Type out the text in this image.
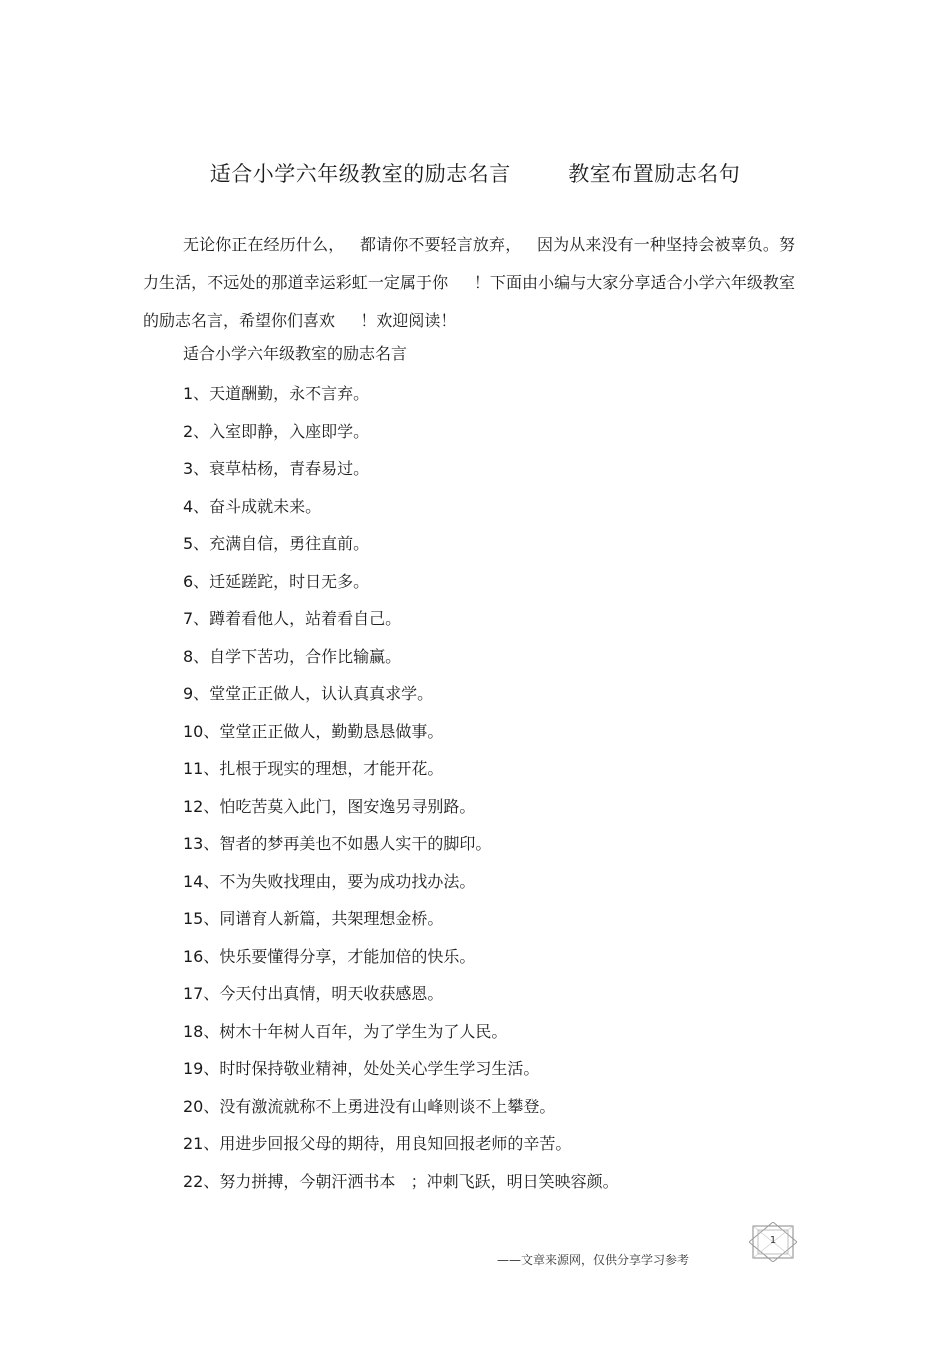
适合小学六年级教室的励志名言        教室布置励志名句

无论你正在经历什么，   都请你不要轻言放弃，   因为从来没有一种坚持会被辜负。努力生活，不远处的那道幸运彩虹一定属于你     ！下面由小编与大家分享适合小学六年级教室的励志名言，希望你们喜欢     ！欢迎阅读！

适合小学六年级教室的励志名言
1、天道酬勤，永不言弃。
2、入室即静，入座即学。
3、衰草枯杨，青春易过。
4、奋斗成就未来。
5、充满自信，勇往直前。
6、迁延蹉跎，时日无多。
7、蹲着看他人，站着看自己。
8、自学下苦功，合作比输赢。
9、堂堂正正做人，认认真真求学。
10、堂堂正正做人，勤勤恳恳做事。
11、扎根于现实的理想，才能开花。
12、怕吃苦莫入此门，图安逸另寻别路。
13、智者的梦再美也不如愚人实干的脚印。
14、不为失败找理由，要为成功找办法。
15、同谱育人新篇，共架理想金桥。
16、快乐要懂得分享，才能加倍的快乐。
17、今天付出真情，明天收获感恩。
18、树木十年树人百年，为了学生为了人民。
19、时时保持敬业精神，处处关心学生学习生活。
20、没有激流就称不上勇进没有山峰则谈不上攀登。
21、用进步回报父母的期待，用良知回报老师的辛苦。
22、努力拼搏，今朝汗洒书本   ；冲刺飞跃，明日笑映容颜。
1
——文章来源网，仅供分享学习参考
